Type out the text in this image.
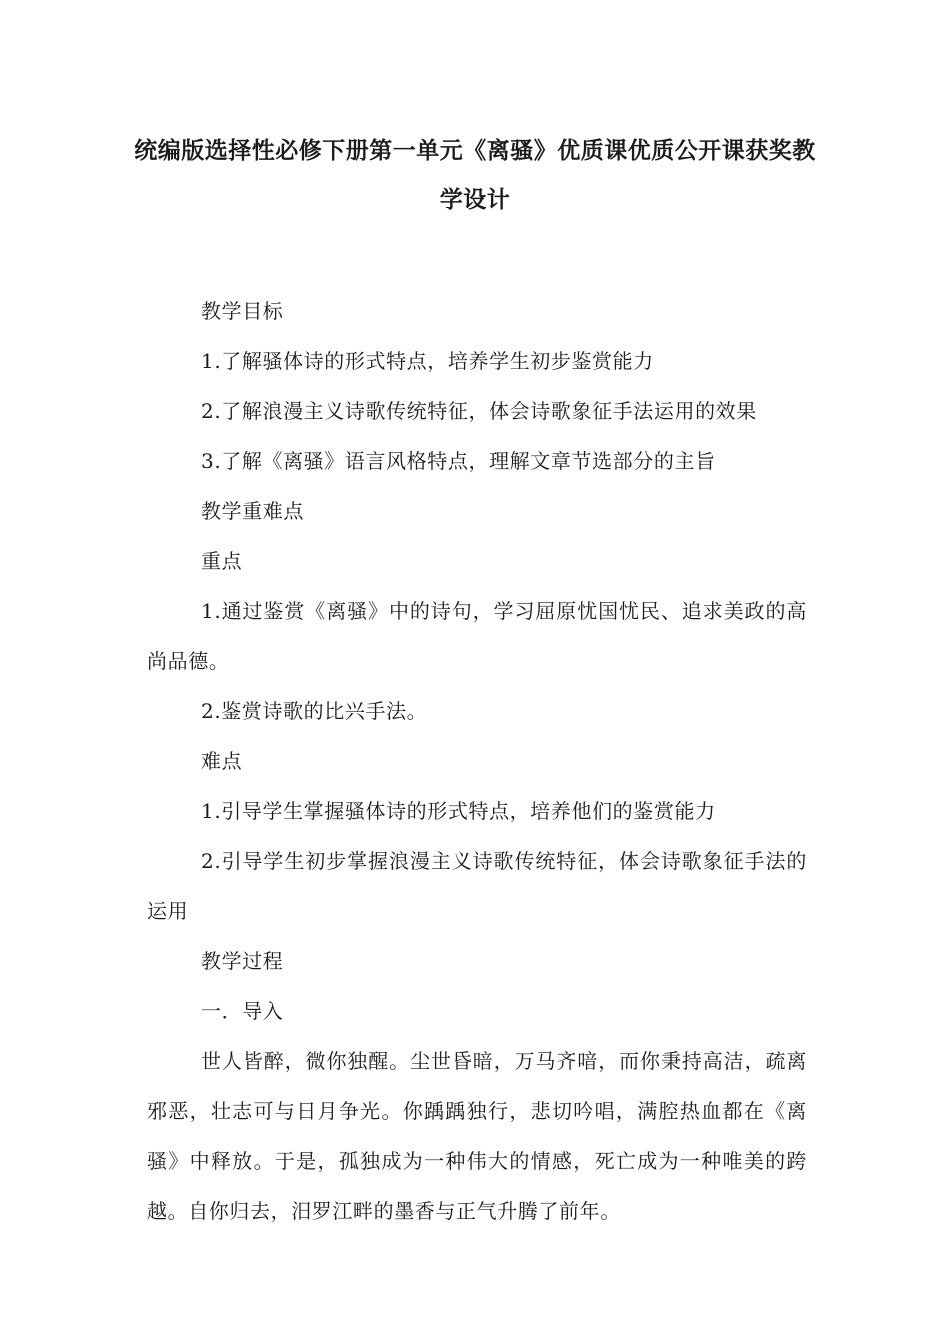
统编版选择性必修下册第一单元《离骚》优质课优质公开课获奖教
学设计

教学目标

1.了解骚体诗的形式特点，培养学生初步鉴赏能力

2.了解浪漫主义诗歌传统特征，体会诗歌象征手法运用的效果

3.了解《离骚》语言风格特点，理解文章节选部分的主旨

教学重难点

重点

1.通过鉴赏《离骚》中的诗句，学习屈原忧国忧民、追求美政的高尚品德。

2.鉴赏诗歌的比兴手法。

难点

1.引导学生掌握骚体诗的形式特点，培养他们的鉴赏能力

2.引导学生初步掌握浪漫主义诗歌传统特征，体会诗歌象征手法的运用

教学过程

一．导入

世人皆醉，微你独醒。尘世昏暗，万马齐喑，而你秉持高洁，疏离邪恶，壮志可与日月争光。你踽踽独行，悲切吟唱，满腔热血都在《离骚》中释放。于是，孤独成为一种伟大的情感，死亡成为一种唯美的跨越。自你归去，汨罗江畔的墨香与正气升腾了前年。
